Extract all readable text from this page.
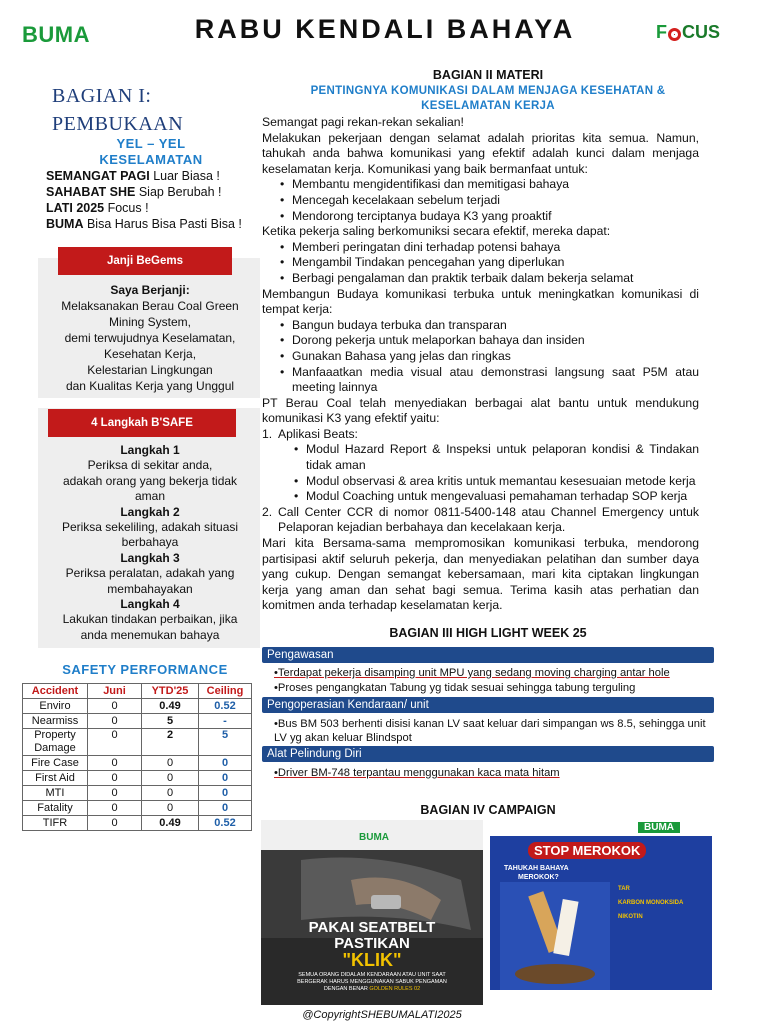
BUMA	RABU KENDALI BAHAYA	F CUS
BAGIAN I:
PEMBUKAAN
YEL – YEL
KESELAMATAN
SEMANGAT PAGI Luar Biasa !
SAHABAT SHE Siap Berubah !
LATI 2025 Focus !
BUMA Bisa Harus Bisa Pasti Bisa !
Janji BeGems
Saya Berjanji:
Melaksanakan Berau Coal Green
Mining System,
demi terwujudnya Keselamatan,
Kesehatan Kerja,
Kelestarian Lingkungan
dan Kualitas Kerja yang Unggul
4 Langkah B'SAFE
Langkah 1
Periksa di sekitar anda,
adakah orang yang bekerja tidak
aman
Langkah 2
Periksa sekeliling, adakah situasi
berbahaya
Langkah 3
Periksa peralatan, adakah yang
membahayakan
Langkah 4
Lakukan tindakan perbaikan, jika
anda menemukan bahaya
SAFETY PERFORMANCE
Accident	Juni	YTD'25	Ceiling
Enviro	0	0.49	0.52
Nearmiss	0	5	-
Property Damage	0	2	5
Fire Case	0	0	0
First Aid	0	0	0
MTI	0	0	0
Fatality	0	0	0
TIFR	0	0.49	0.52
BAGIAN II MATERI
PENTINGNYA KOMUNIKASI DALAM MENJAGA KESEHATAN &
KESELAMATAN KERJA

Semangat pagi rekan-rekan sekalian!

Melakukan pekerjaan dengan selamat adalah prioritas kita semua. Namun, tahukah anda bahwa komunikasi yang efektif adalah kunci dalam menjaga keselamatan kerja. Komunikasi yang baik bermanfaat untuk:

• Membantu mengidentifikasi dan memitigasi bahaya
• Mencegah kecelakaan sebelum terjadi
• Mendorong terciptanya budaya K3 yang proaktif

Ketika pekerja saling berkomuniksi secara efektif, mereka dapat:

• Memberi peringatan dini terhadap potensi bahaya
• Mengambil Tindakan pencegahan yang diperlukan
• Berbagi pengalaman dan praktik terbaik dalam bekerja selamat

Membangun Budaya komunikasi terbuka untuk meningkatkan komunikasi di tempat kerja:

• Bangun budaya terbuka dan transparan
• Dorong pekerja untuk melaporkan bahaya dan insiden
• Gunakan Bahasa yang jelas dan ringkas
• Manfaaatkan media visual atau demonstrasi langsung saat P5M atau meeting lainnya

PT Berau Coal telah menyediakan berbagai alat bantu untuk mendukung komunikasi K3 yang efektif yaitu:

1. Aplikasi Beats:
• Modul Hazard Report & Inspeksi untuk pelaporan kondisi & Tindakan tidak aman
• Modul observasi & area kritis untuk memantau kesesuaian metode kerja
• Modul Coaching untuk mengevaluasi pemahaman terhadap SOP kerja
2. Call Center CCR di nomor 0811-5400-148 atau Channel Emergency untuk Pelaporan kejadian berbahaya dan kecelakaan kerja.

Mari kita Bersama-sama mempromosikan komunikasi terbuka, mendorong partisipasi aktif seluruh pekerja, dan menyediakan pelatihan dan sumber daya yang cukup. Dengan semangat kebersamaan, mari kita ciptakan lingkungan kerja yang aman dan sehat bagi semua. Terima kasih atas perhatian dan komitmen anda terhadap keselamatan kerja.

BAGIAN III HIGH LIGHT WEEK 25
Pengawasan
•Terdapat pekerja disamping unit MPU yang sedang moving charging antar hole
•Proses pengangkatan Tabung yg tidak sesuai sehingga tabung terguling
Pengoperasian Kendaraan/ unit
•Bus BM 503 berhenti disisi kanan LV saat keluar dari simpangan ws 8.5, sehingga unit LV yg akan keluar Blindspot
Alat Pelindung Diri
•Driver BM-748 terpantau menggunakan kaca mata hitam
BAGIAN IV CAMPAIGN
BUMA
PAKAI SEATBELT
PASTIKAN
"KLIK"
SEMUA ORANG DIDALAM KENDARAAN ATAU UNIT SAAT
BERGERAK HARUS MENGGUNAKAN SABUK PENGAMAN
DENGAN BENAR GOLDEN RULES 02
BUMA
STOP MEROKOK
TAHUKAH BAHAYA
MEROKOK?
TAR
KARBON MONOKSIDA
NIKOTIN
@CopyrightSHEBUMALATI2025
